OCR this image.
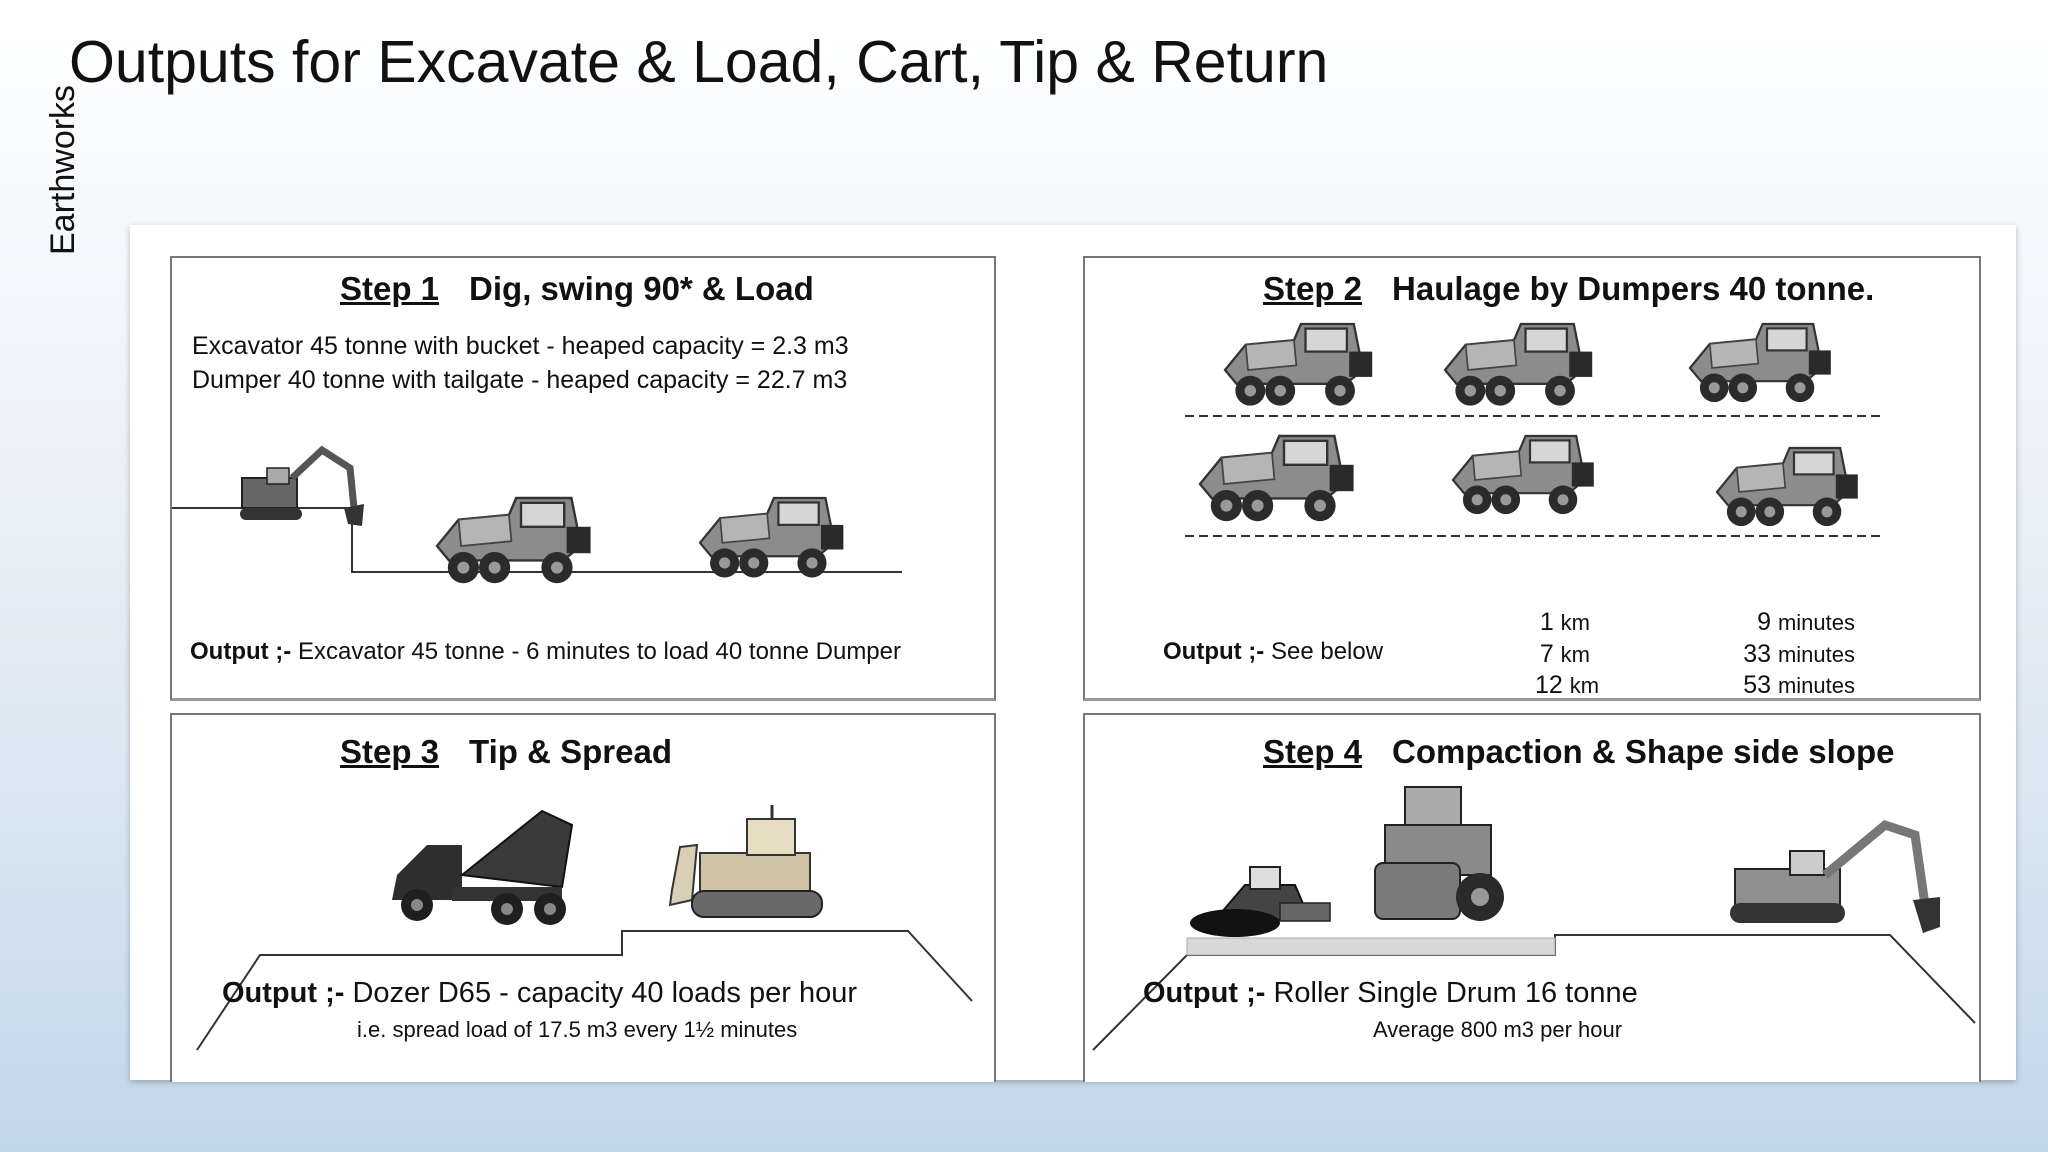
Outputs for Excavate & Load, Cart, Tip & Return
Earthworks
Step 1 Dig, swing 90* & Load
Excavator 45 tonne with bucket - heaped capacity = 2.3 m3
Dumper 40 tonne with tailgate - heaped capacity = 22.7 m3
Output ;- Excavator 45 tonne - 6 minutes to load 40 tonne Dumper
Step 2 Haulage by Dumpers 40 tonne.
Output ;- See below
1 km
7 km
12 km
9 minutes
33 minutes
53 minutes
Step 3 Tip & Spread
Output ;- Dozer D65 - capacity 40 loads per hour
i.e. spread load of 17.5 m3 every 1½ minutes
Step 4 Compaction & Shape side slope
Output ;- Roller Single Drum 16 tonne
Average 800 m3 per hour
